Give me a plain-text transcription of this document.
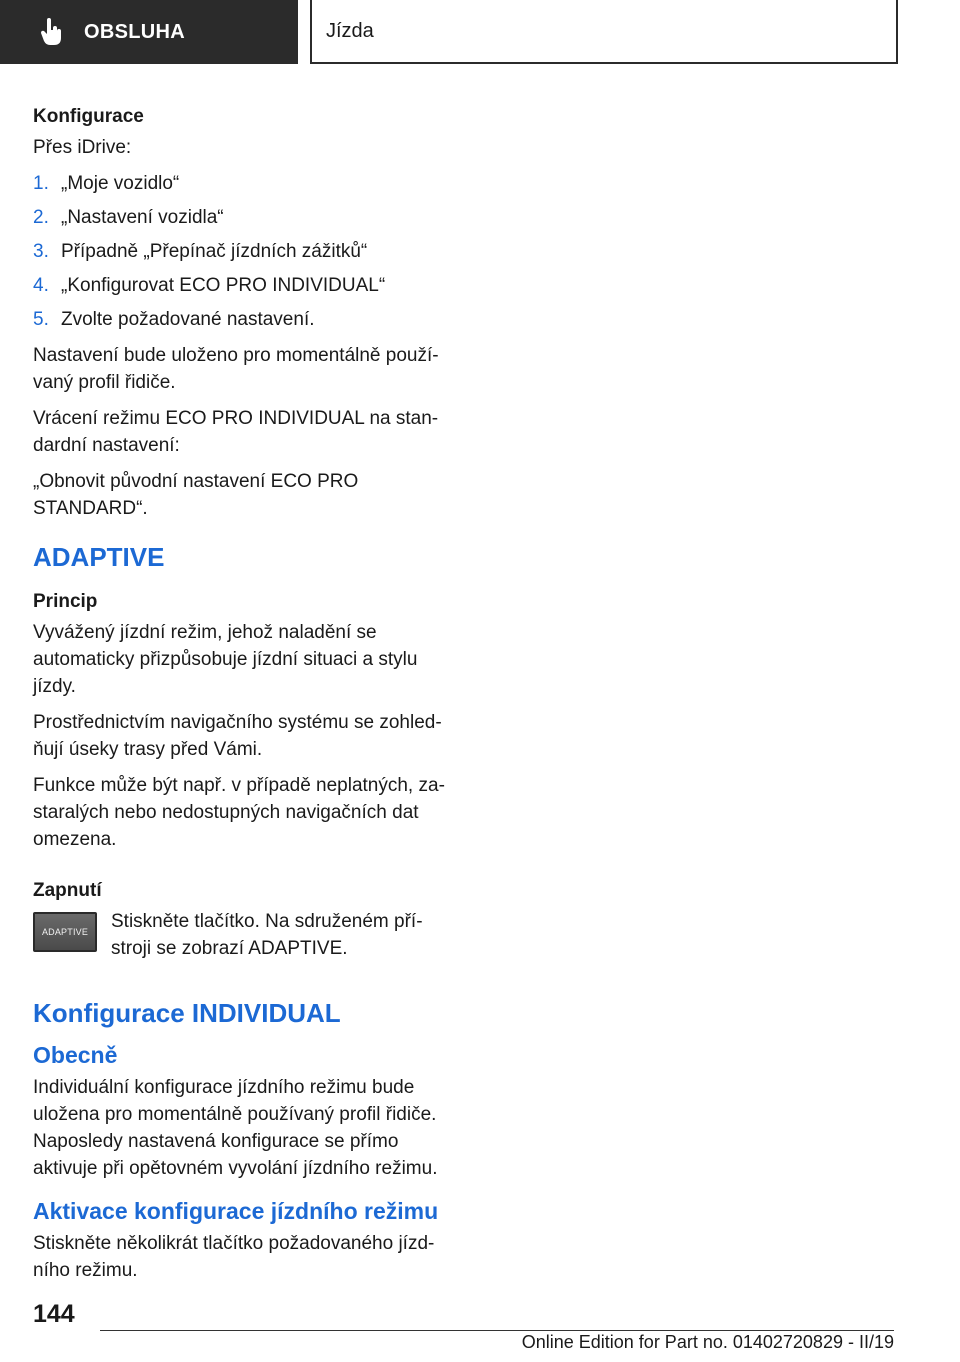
OBSLUHA	Jízda
Konfigurace

Přes iDrive:

1. „Moje vozidlo“
2. „Nastavení vozidla“
3. Případně „Přepínač jízdních zážitků“
4. „Konfigurovat ECO PRO INDIVIDUAL“
5. Zvolte požadované nastavení.

Nastavení bude uloženo pro momentálně používaný profil řidiče.

Vrácení režimu ECO PRO INDIVIDUAL na standardní nastavení:

„Obnovit původní nastavení ECO PRO STANDARD“.

ADAPTIVE
Princip

Vyvážený jízdní režim, jehož naladění se automaticky přizpůsobuje jízdní situaci a stylu jízdy.

Prostřednictvím navigačního systému se zohledňují úseky trasy před Vámi.

Funkce může být např. v případě neplatných, zastaralých nebo nedostupných navigačních dat omezena.

Zapnutí
ADAPTIVE	Stiskněte tlačítko. Na sdruženém přístroji se zobrazí ADAPTIVE.
Konfigurace INDIVIDUAL
Obecně

Individuální konfigurace jízdního režimu bude uložena pro momentálně používaný profil řidiče. Naposledy nastavená konfigurace se přímo aktivuje při opětovném vyvolání jízdního režimu.

Aktivace konfigurace jízdního režimu

Stiskněte několikrát tlačítko požadovaného jízdního režimu.

144
Online Edition for Part no. 01402720829 - II/19
